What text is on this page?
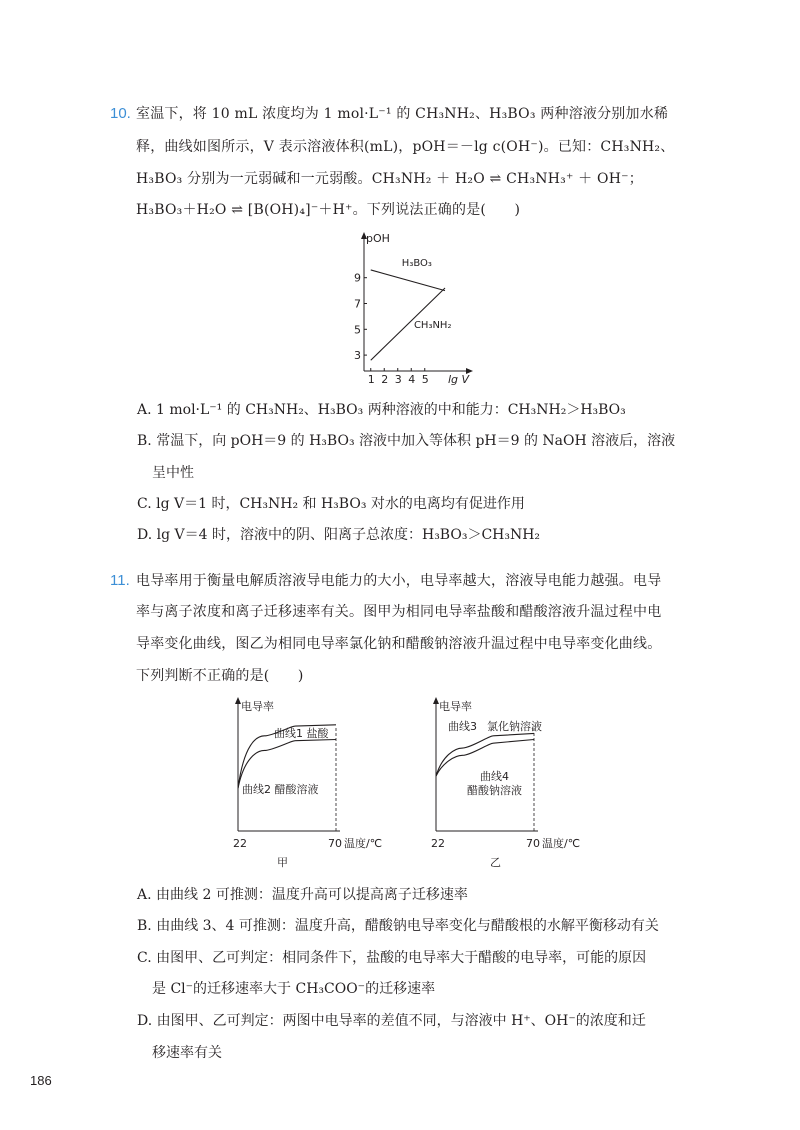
10. 室温下，将 10 mL 浓度均为 1 mol·L⁻¹ 的 CH₃NH₂、H₃BO₃ 两种溶液分别加水稀
释，曲线如图所示，V 表示溶液体积(mL)，pOH＝－lg c(OH⁻)。已知：CH₃NH₂、
H₃BO₃ 分别为一元弱碱和一元弱酸。CH₃NH₂ ＋ H₂O ⇌ CH₃NH₃⁺ ＋ OH⁻；
H₃BO₃＋H₂O ⇌ [B(OH)₄]⁻＋H⁺。下列说法正确的是(　　)
pOH
lg V
1 2 3 4 5
3
5
7
9
H₃BO₃
CH₃NH₂
A. 1 mol·L⁻¹ 的 CH₃NH₂、H₃BO₃ 两种溶液的中和能力：CH₃NH₂＞H₃BO₃
B. 常温下，向 pOH＝9 的 H₃BO₃ 溶液中加入等体积 pH＝9 的 NaOH 溶液后，溶液
呈中性
C. lg V＝1 时，CH₃NH₂ 和 H₃BO₃ 对水的电离均有促进作用
D. lg V＝4 时，溶液中的阴、阳离子总浓度：H₃BO₃＞CH₃NH₂
11. 电导率用于衡量电解质溶液导电能力的大小，电导率越大，溶液导电能力越强。电导
率与离子浓度和离子迁移速率有关。图甲为相同电导率盐酸和醋酸溶液升温过程中电
导率变化曲线，图乙为相同电导率氯化钠和醋酸钠溶液升温过程中电导率变化曲线。
下列判断不正确的是(　　)
电导率
22	70 温度/℃
曲线1 盐酸
曲线2 醋酸溶液
甲
电导率
22	70 温度/℃
曲线3 氯化钠溶液
曲线4
醋酸钠溶液
乙
A. 由曲线 2 可推测：温度升高可以提高离子迁移速率
B. 由曲线 3、4 可推测：温度升高，醋酸钠电导率变化与醋酸根的水解平衡移动有关
C. 由图甲、乙可判定：相同条件下，盐酸的电导率大于醋酸的电导率，可能的原因
是 Cl⁻的迁移速率大于 CH₃COO⁻的迁移速率
D. 由图甲、乙可判定：两图中电导率的差值不同，与溶液中 H⁺、OH⁻的浓度和迁
移速率有关
186
